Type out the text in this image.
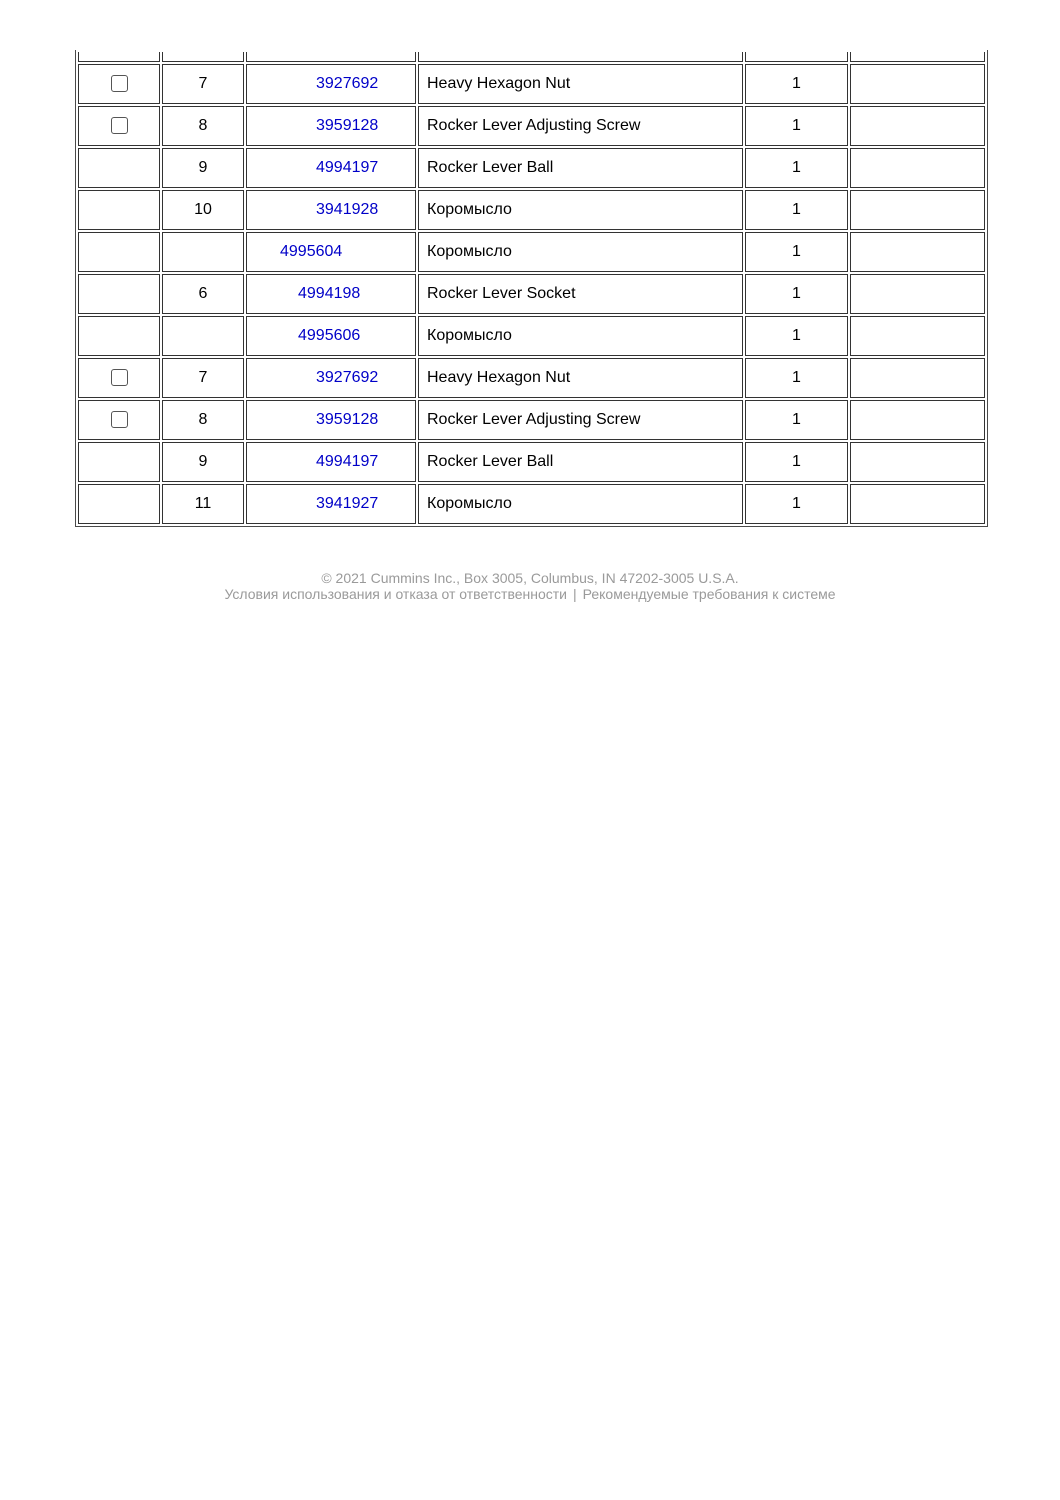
	7	3927692	Heavy Hexagon Nut	1	
	8	3959128	Rocker Lever Adjusting Screw	1	
	9	4994197	Rocker Lever Ball	1	
	10	3941928	Коромысло	1	

		4995604	Коромысло	1	
	6	4994198	Rocker Lever Socket	1	

		4995606	Коромысло	1	
	7	3927692	Heavy Hexagon Nut	1	
	8	3959128	Rocker Lever Adjusting Screw	1	
	9	4994197	Rocker Lever Ball	1	
	11	3941927	Коромысло	1	
© 2021 Cummins Inc., Box 3005, Columbus, IN 47202-3005 U.S.A.
Условия использования и отказа от ответственности | Рекомендуемые требования к системе
